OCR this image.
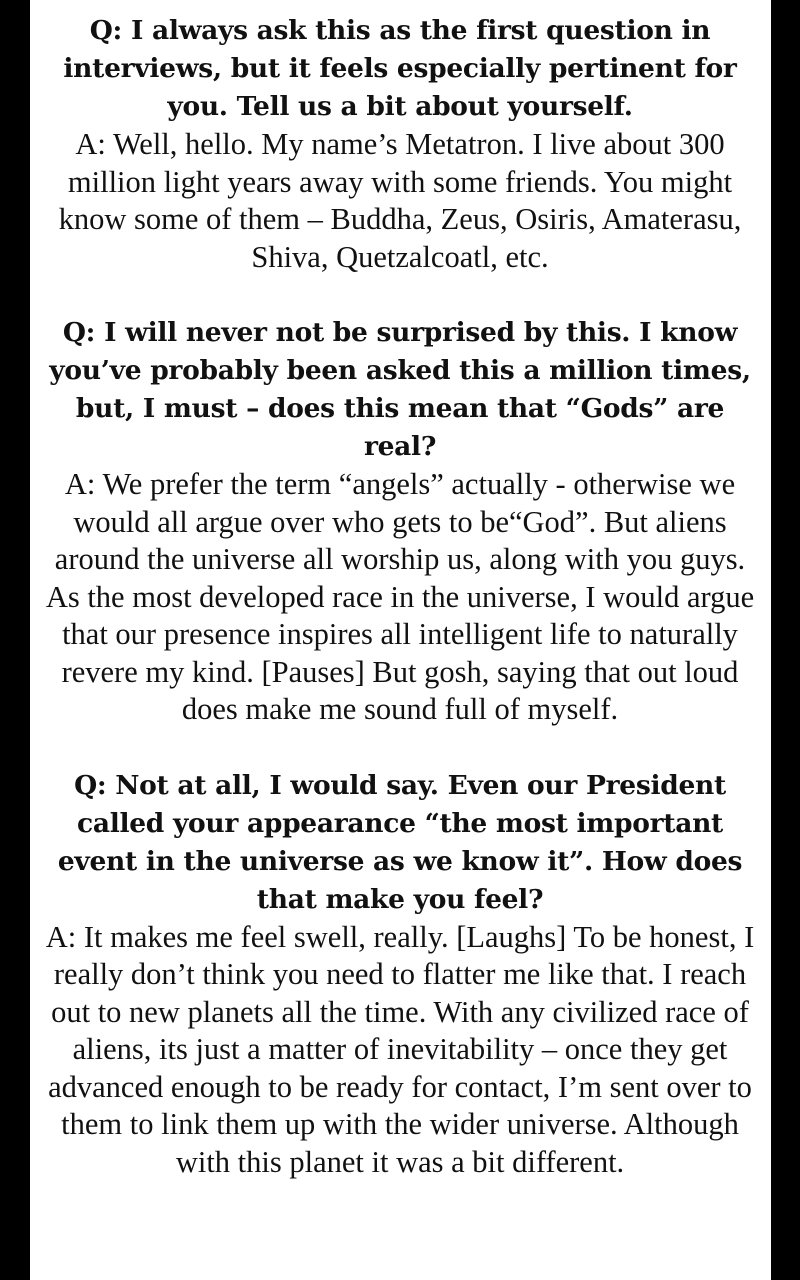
Q: I always ask this as the first question in interviews, but it feels especially pertinent for you. Tell us a bit about yourself.

A: Well, hello. My name’s Metatron. I live about 300 million light years away with some friends. You might know some of them – Buddha, Zeus, Osiris, Amaterasu, Shiva, Quetzalcoatl, etc.

Q: I will never not be surprised by this. I know you’ve probably been asked this a million times, but, I must – does this mean that “Gods” are real?

A: We prefer the term “angels” actually - otherwise we would all argue over who gets to be“God”. But aliens around the universe all worship us, along with you guys. As the most developed race in the universe, I would argue that our presence inspires all intelligent life to naturally revere my kind. [Pauses] But gosh, saying that out loud does make me sound full of myself.

Q: Not at all, I would say. Even our President called your appearance “the most important event in the universe as we know it”. How does that make you feel?

A: It makes me feel swell, really. [Laughs] To be honest, I really don’t think you need to flatter me like that. I reach out to new planets all the time. With any civilized race of aliens, its just a matter of inevitability – once they get advanced enough to be ready for contact, I’m sent over to them to link them up with the wider universe. Although with this planet it was a bit different.
